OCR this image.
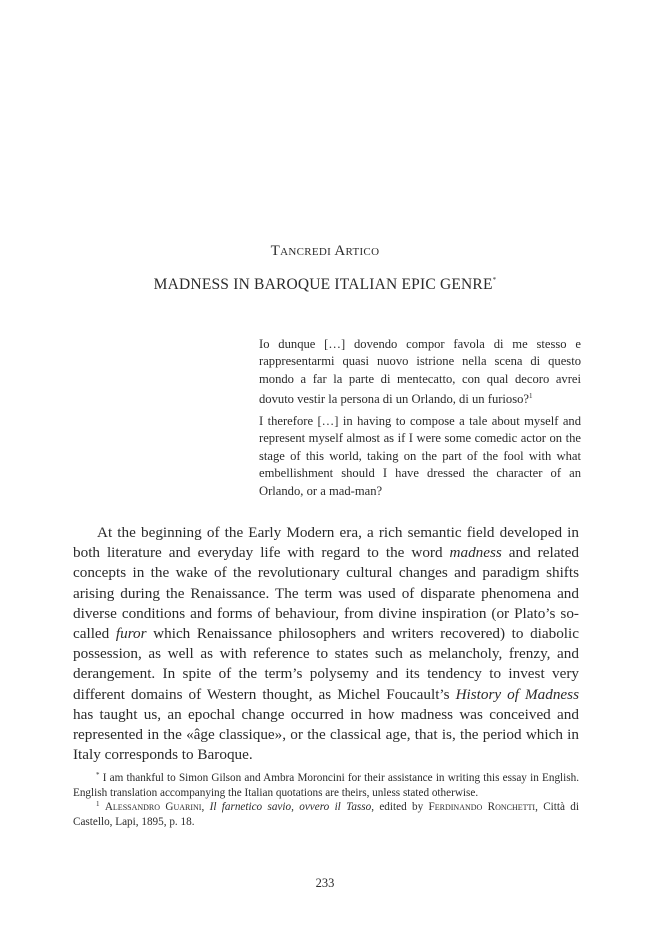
Tancredi Artico
MADNESS IN BAROQUE ITALIAN EPIC GENRE*
Io dunque […] dovendo compor favola di me stesso e rappresentarmi quasi nuovo istrione nella scena di questo mondo a far la parte di mentecatto, con qual decoro avrei dovuto vestir la persona di un Orlando, di un furioso?$^1$
I therefore […] in having to compose a tale about myself and represent myself almost as if I were some comedic actor on the stage of this world, taking on the part of the fool with what embellishment should I have dressed the character of an Orlando, or a mad-man?

At the beginning of the Early Modern era, a rich semantic field developed in both literature and everyday life with regard to the word madness and related concepts in the wake of the revolutionary cultural changes and paradigm shifts arising during the Renaissance. The term was used of disparate phenomena and diverse conditions and forms of behaviour, from divine inspiration (or Plato’s so-called furor which Renaissance philosophers and writers recovered) to diabolic possession, as well as with reference to states such as melancholy, frenzy, and derangement. In spite of the term’s polysemy and its tendency to invest very different domains of Western thought, as Michel Foucault’s History of Madness has taught us, an epochal change occurred in how madness was conceived and represented in the «âge classique», or the classical age, that is, the period which in Italy corresponds to Baroque.

* I am thankful to Simon Gilson and Ambra Moroncini for their assistance in writing this essay in English. English translation accompanying the Italian quotations are theirs, unless stated otherwise.

$^1$ Alessandro Guarini, Il farnetico savio, ovvero il Tasso, edited by Ferdinando Ronchetti, Città di Castello, Lapi, 1895, p. 18.

233
